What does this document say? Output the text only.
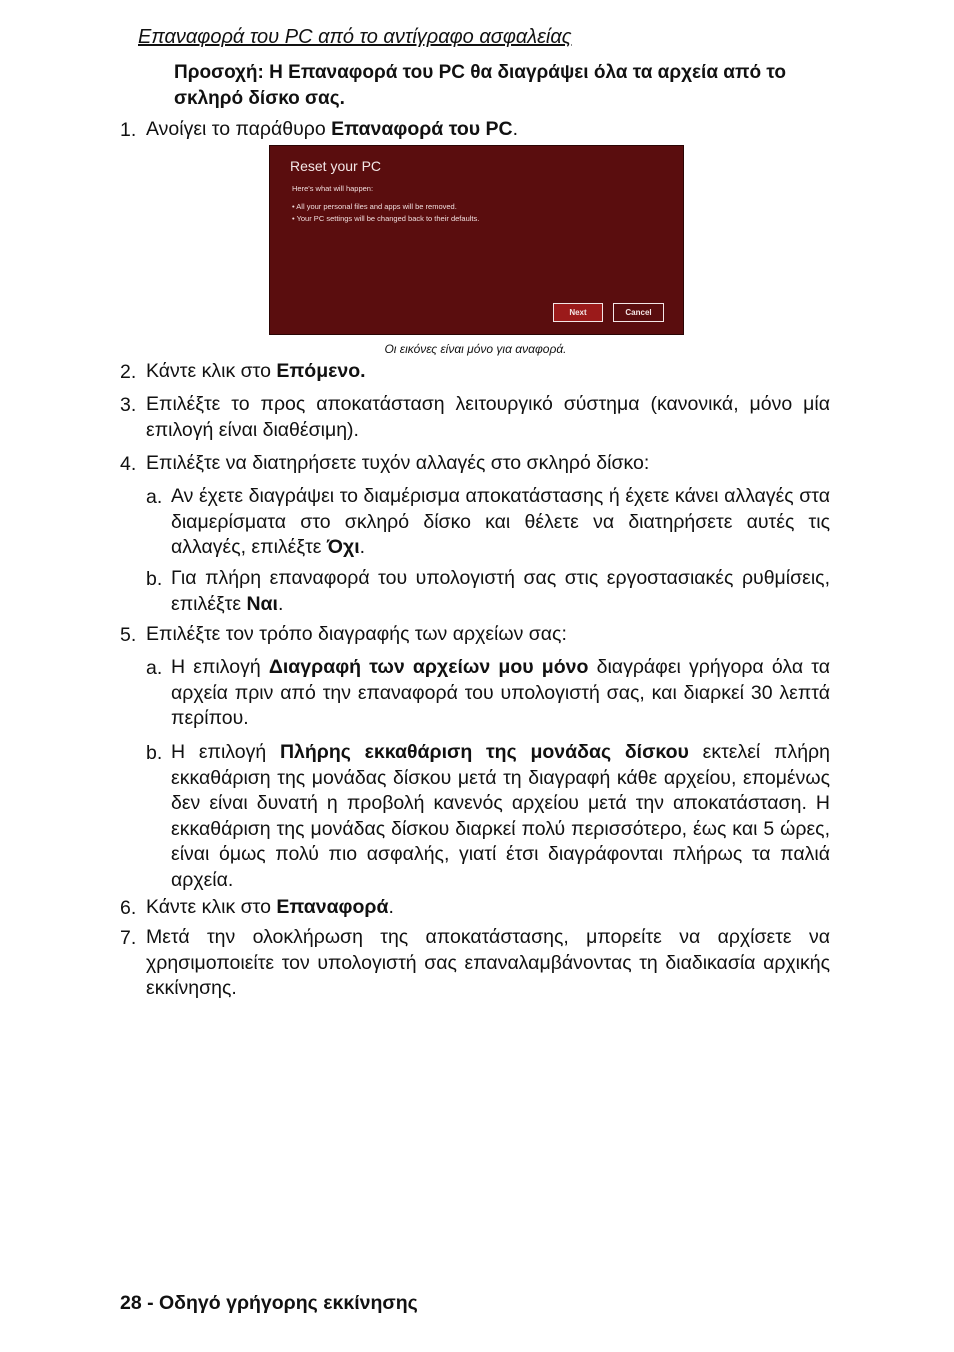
Επαναφορά του PC από το αντίγραφο ασφαλείας
Προσοχή: Η Επαναφορά του PC θα διαγράψει όλα τα αρχεία από το σκληρό δίσκο σας.
1. Ανοίγει το παράθυρο Επαναφορά του PC.
Reset your PC
Here's what will happen:
• All your personal files and apps will be removed.
• Your PC settings will be changed back to their defaults.
Next	Cancel
Οι εικόνες είναι μόνο για αναφορά.
2. Κάντε κλικ στο Επόμενο.
3. Επιλέξτε το προς αποκατάσταση λειτουργικό σύστημα (κανονικά, μόνο μία επιλογή είναι διαθέσιμη).
4. Επιλέξτε να διατηρήσετε τυχόν αλλαγές στο σκληρό δίσκο:
a. Αν έχετε διαγράψει το διαμέρισμα αποκατάστασης ή έχετε κάνει αλλαγές στα διαμερίσματα στο σκληρό δίσκο και θέλετε να διατηρήσετε αυτές τις αλλαγές, επιλέξτε Όχι.
b. Για πλήρη επαναφορά του υπολογιστή σας στις εργοστασιακές ρυθμίσεις, επιλέξτε Ναι.
5. Επιλέξτε τον τρόπο διαγραφής των αρχείων σας:
a. Η επιλογή Διαγραφή των αρχείων μου μόνο διαγράφει γρήγορα όλα τα αρχεία πριν από την επαναφορά του υπολογιστή σας, και διαρκεί 30 λεπτά περίπου.
b. Η επιλογή Πλήρης εκκαθάριση της μονάδας δίσκου εκτελεί πλήρη εκκαθάριση της μονάδας δίσκου μετά τη διαγραφή κάθε αρχείου, επομένως δεν είναι δυνατή η προβολή κανενός αρχείου μετά την αποκατάσταση. Η εκκαθάριση της μονάδας δίσκου διαρκεί πολύ περισσότερο, έως και 5 ώρες, είναι όμως πολύ πιο ασφαλής, γιατί έτσι διαγράφονται πλήρως τα παλιά αρχεία.
6. Κάντε κλικ στο Επαναφορά.
7. Μετά την ολοκλήρωση της αποκατάστασης, μπορείτε να αρχίσετε να χρησιμοποιείτε τον υπολογιστή σας επαναλαμβάνοντας τη διαδικασία αρχικής εκκίνησης.
28 - Οδηγό γρήγορης εκκίνησης
